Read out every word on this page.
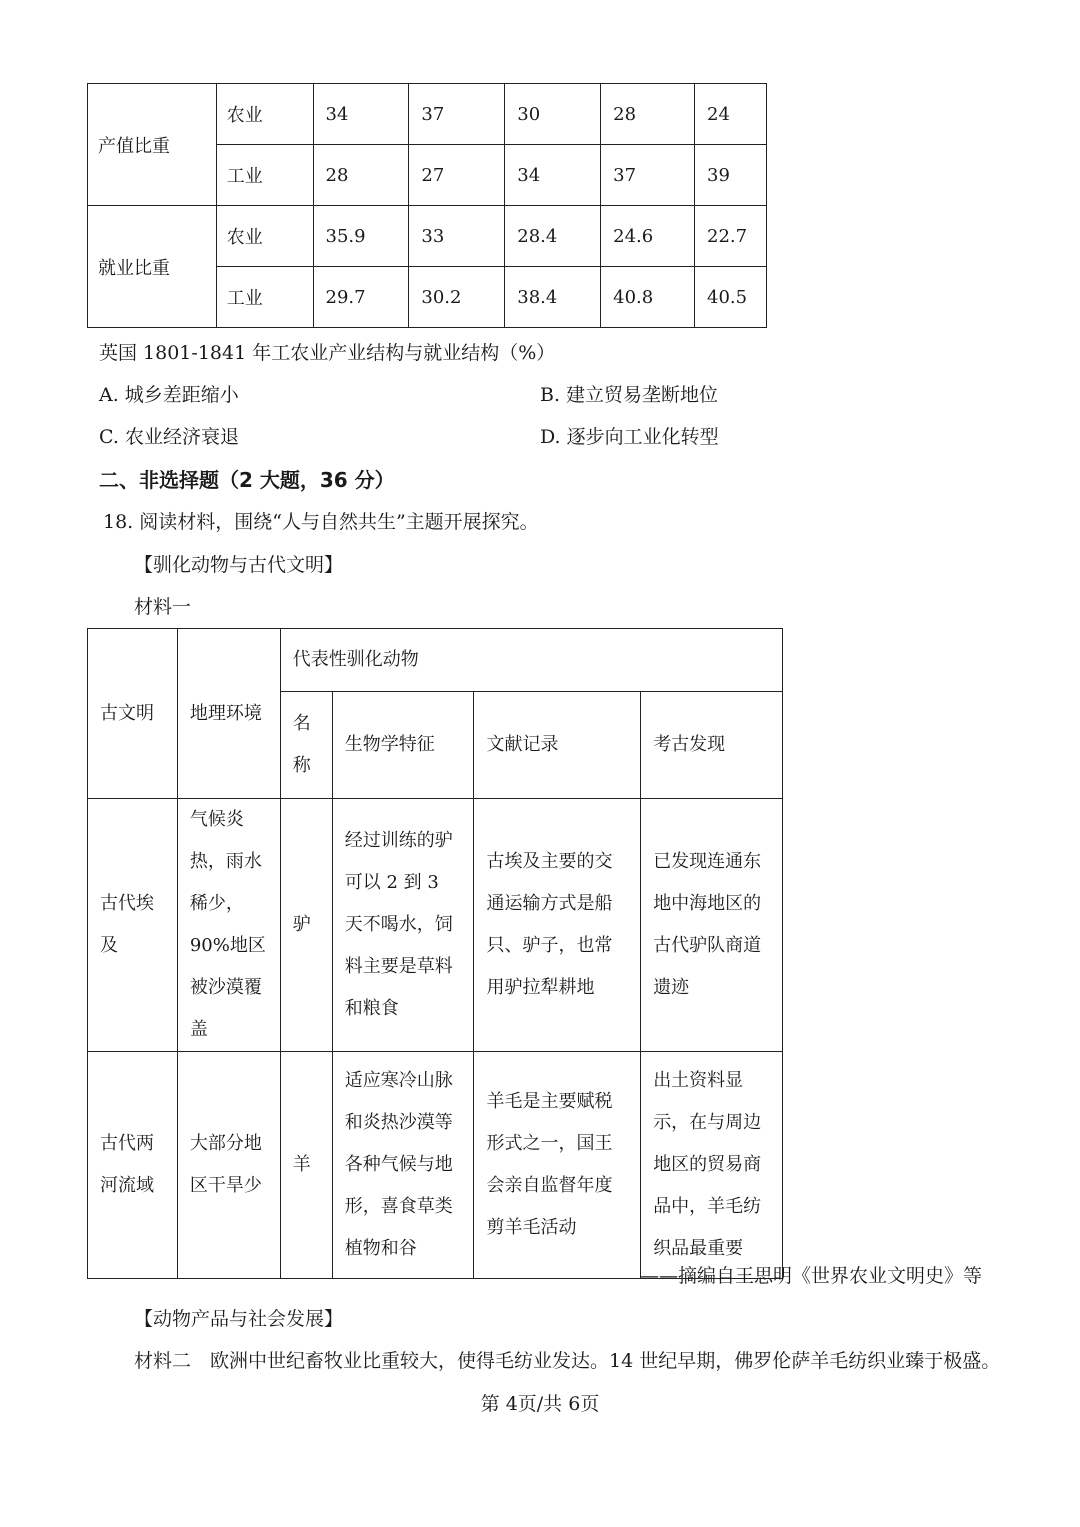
产值比重	农业	34	37	30	28	24
	工业	28	27	34	37	39
就业比重	农业	35.9	33	28.4	24.6	22.7
	工业	29.7	30.2	38.4	40.8	40.5
英国 1801-1841 年工农业产业结构与就业结构（%）
A. 城乡差距缩小	B. 建立贸易垄断地位
C. 农业经济衰退	D. 逐步向工业化转型
二、非选择题（2 大题，36 分）
18. 阅读材料，围绕“人与自然共生”主题开展探究。
【驯化动物与古代文明】
材料一
古文明	地理环境	代表性驯化动物			
		名称	生物学特征	文献记录	考古发现
古代埃及	气候炎热，雨水稀少，90%地区被沙漠覆盖	驴	经过训练的驴可以 2 到 3 天不喝水，饲料主要是草料和粮食	古埃及主要的交通运输方式是船只、驴子，也常用驴拉犁耕地	已发现连通东地中海地区的古代驴队商道遗迹
古代两河流域	大部分地区干旱少	羊	适应寒冷山脉和炎热沙漠等各种气候与地形，喜食草类植物和谷	羊毛是主要赋税形式之一，国王会亲自监督年度剪羊毛活动	出土资料显示，在与周边地区的贸易商品中，羊毛纺织品最重要
——摘编自王思明《世界农业文明史》等
【动物产品与社会发展】
材料二　欧洲中世纪畜牧业比重较大，使得毛纺业发达。14 世纪早期，佛罗伦萨羊毛纺织业臻于极盛。
第 4页/共 6页
